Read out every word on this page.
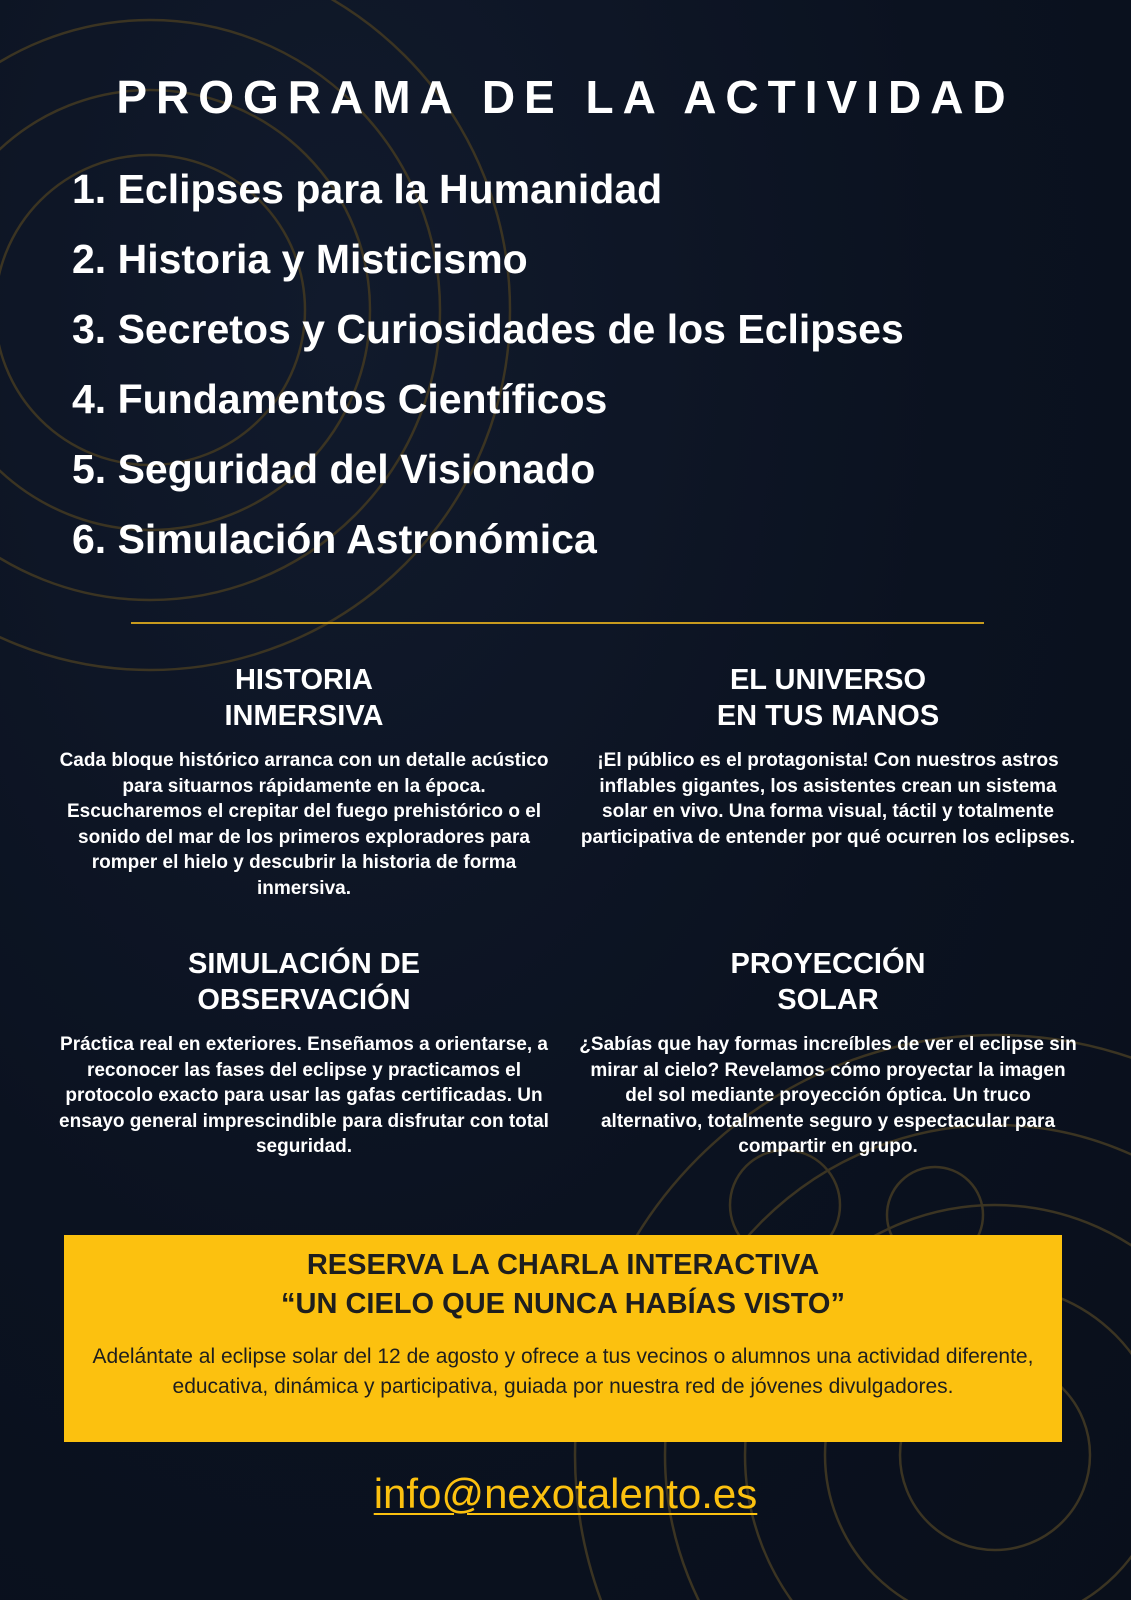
PROGRAMA DE LA ACTIVIDAD
1. Eclipses para la Humanidad
2. Historia y Misticismo
3. Secretos y Curiosidades de los Eclipses
4. Fundamentos Científicos
5. Seguridad del Visionado
6. Simulación Astronómica
HISTORIA
INMERSIVA

Cada bloque histórico arranca con un detalle acústico para situarnos rápidamente en la época. Escucharemos el crepitar del fuego prehistórico o el sonido del mar de los primeros exploradores para romper el hielo y descubrir la historia de forma inmersiva.

EL UNIVERSO
EN TUS MANOS

¡El público es el protagonista! Con nuestros astros inflables gigantes, los asistentes crean un sistema solar en vivo. Una forma visual, táctil y totalmente participativa de entender por qué ocurren los eclipses.

SIMULACIÓN DE
OBSERVACIÓN

Práctica real en exteriores. Enseñamos a orientarse, a reconocer las fases del eclipse y practicamos el protocolo exacto para usar las gafas certificadas. Un ensayo general imprescindible para disfrutar con total seguridad.

PROYECCIÓN
SOLAR

¿Sabías que hay formas increíbles de ver el eclipse sin mirar al cielo? Revelamos cómo proyectar la imagen del sol mediante proyección óptica. Un truco alternativo, totalmente seguro y espectacular para compartir en grupo.

RESERVA LA CHARLA INTERACTIVA
“UN CIELO QUE NUNCA HABÍAS VISTO”

Adelántate al eclipse solar del 12 de agosto y ofrece a tus vecinos o alumnos una actividad diferente, educativa, dinámica y participativa, guiada por nuestra red de jóvenes divulgadores.

info@nexotalento.es
